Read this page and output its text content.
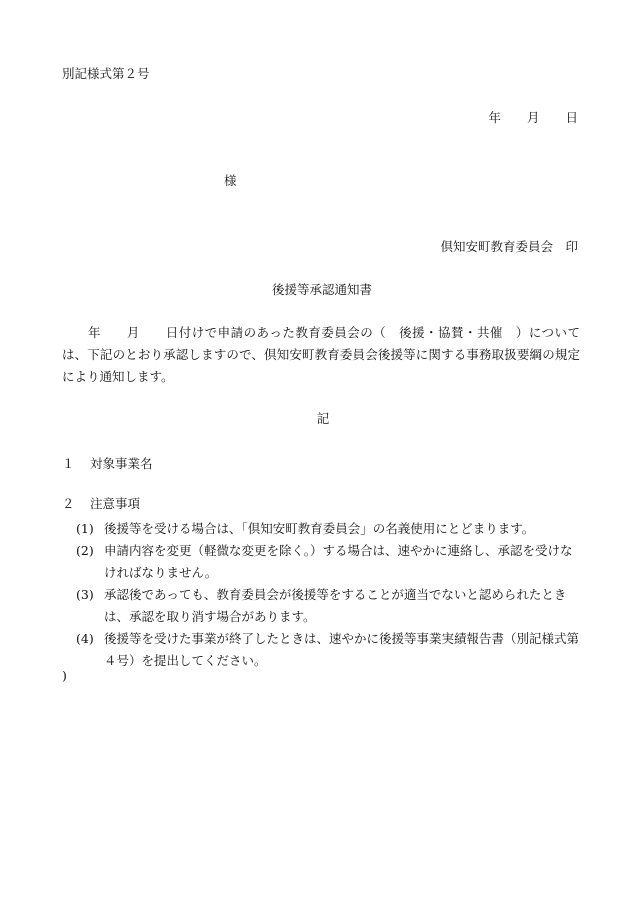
別記様式第２号
年 月 日
様
倶知安町教育委員会　印
後援等承認通知書
　　年　　月　　日付けで申請のあった教育委員会の（　後援・協賛・共催　）については、下記のとおり承認しますので、倶知安町教育委員会後援等に関する事務取扱要綱の規定により通知します。
記
１ 対象事業名
２ 注意事項
(1) 後援等を受ける場合は、「倶知安町教育委員会」の名義使用にとどまります。
(2) 申請内容を変更（軽微な変更を除く。）する場合は、速やかに連絡し、承認を受けなければなりません。
(3) 承認後であっても、教育委員会が後援等をすることが適当でないと認められたときは、承認を取り消す場合があります。
(4) 後援等を受けた事業が終了したときは、速やかに後援等事業実績報告書（別記様式第４号）を提出してください。
)
